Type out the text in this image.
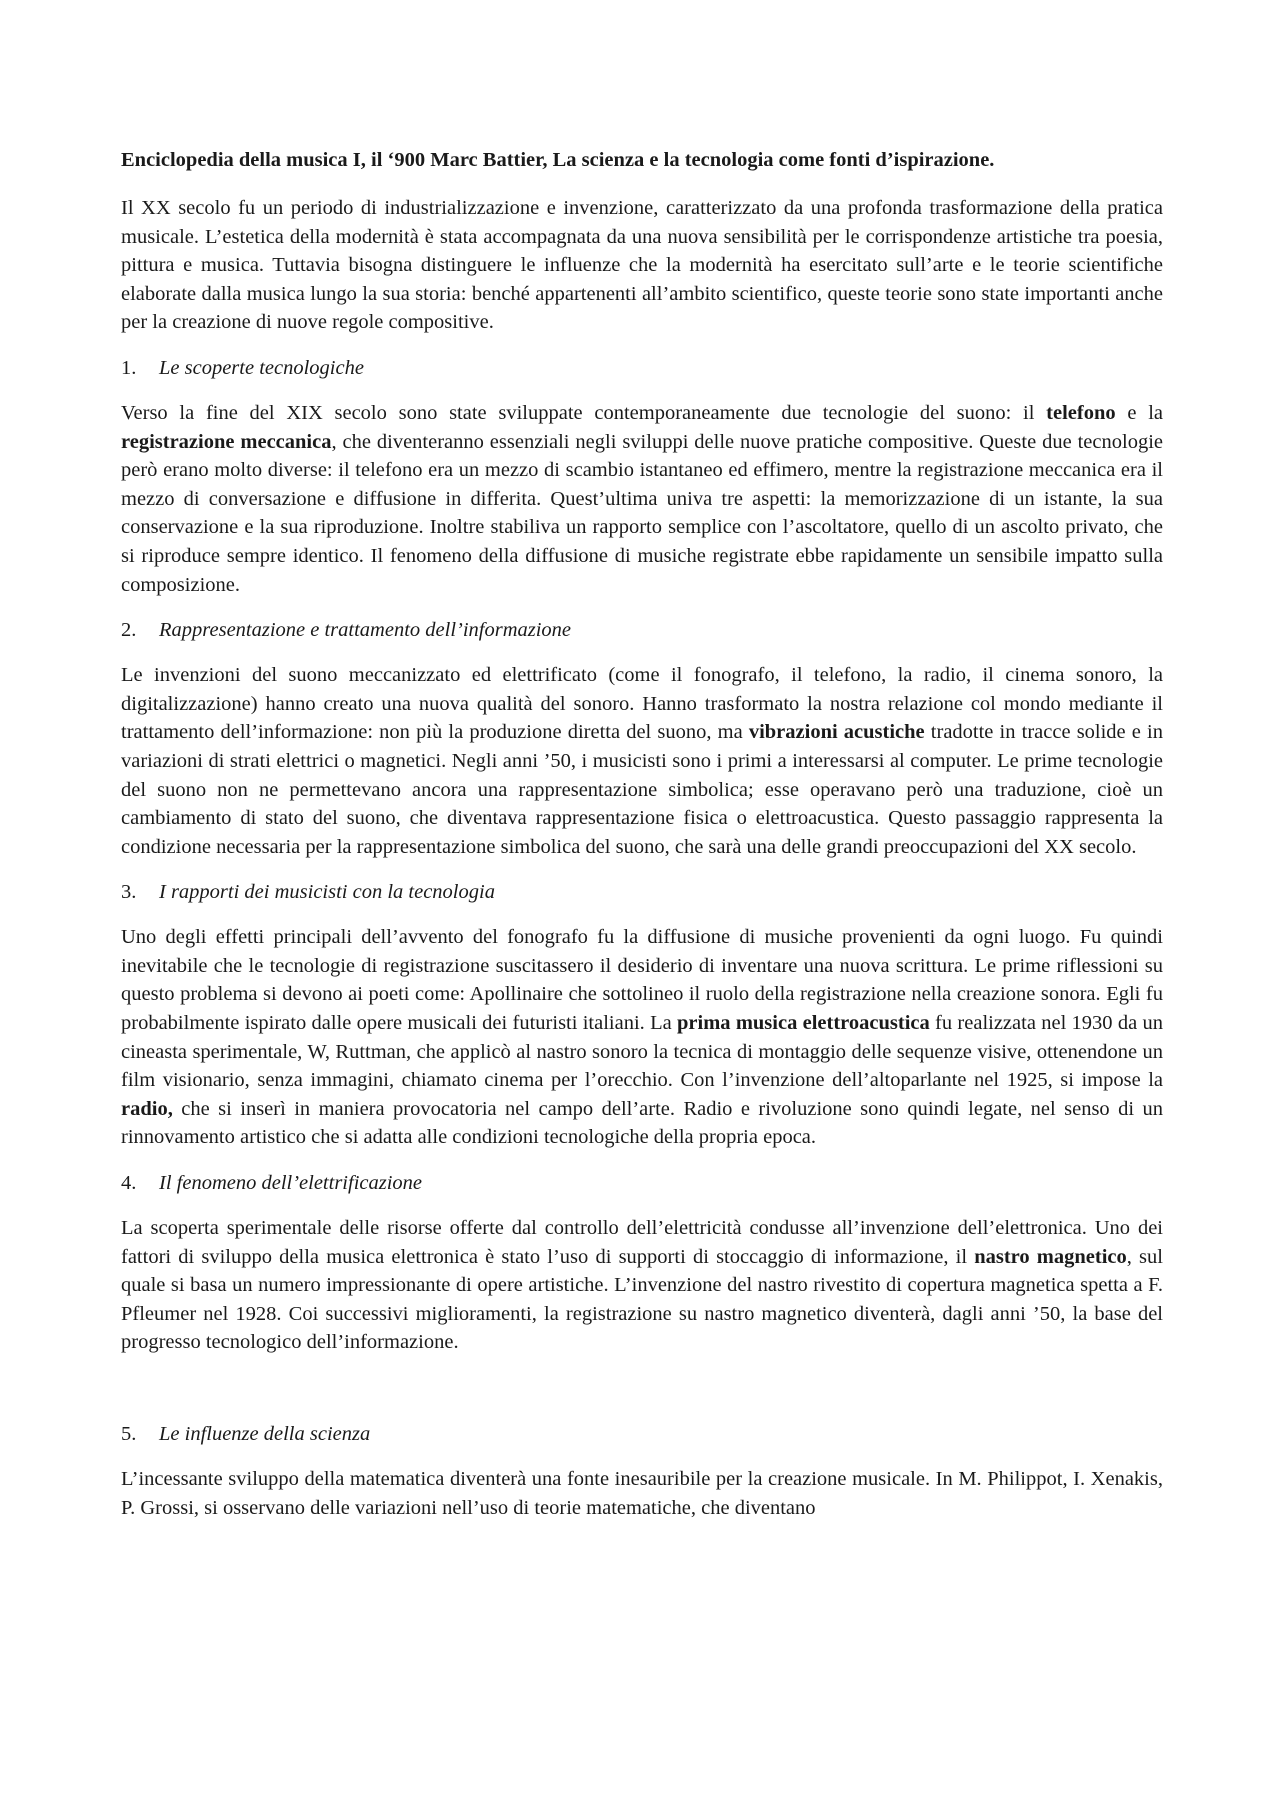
Enciclopedia della musica I, il ‘900 Marc Battier, La scienza e la tecnologia come fonti d’ispirazione.

Il XX secolo fu un periodo di industrializzazione e invenzione, caratterizzato da una profonda trasformazione della pratica musicale. L’estetica della modernità è stata accompagnata da una nuova sensibilità per le corrispondenze artistiche tra poesia, pittura e musica. Tuttavia bisogna distinguere le influenze che la modernità ha esercitato sull’arte e le teorie scientifiche elaborate dalla musica lungo la sua storia: benché appartenenti all’ambito scientifico, queste teorie sono state importanti anche per la creazione di nuove regole compositive.

1. Le scoperte tecnologiche

Verso la fine del XIX secolo sono state sviluppate contemporaneamente due tecnologie del suono: il telefono e la registrazione meccanica, che diventeranno essenziali negli sviluppi delle nuove pratiche compositive. Queste due tecnologie però erano molto diverse: il telefono era un mezzo di scambio istantaneo ed effimero, mentre la registrazione meccanica era il mezzo di conversazione e diffusione in differita. Quest’ultima univa tre aspetti: la memorizzazione di un istante, la sua conservazione e la sua riproduzione. Inoltre stabiliva un rapporto semplice con l’ascoltatore, quello di un ascolto privato, che si riproduce sempre identico. Il fenomeno della diffusione di musiche registrate ebbe rapidamente un sensibile impatto sulla composizione.

2. Rappresentazione e trattamento dell’informazione

Le invenzioni del suono meccanizzato ed elettrificato (come il fonografo, il telefono, la radio, il cinema sonoro, la digitalizzazione) hanno creato una nuova qualità del sonoro. Hanno trasformato la nostra relazione col mondo mediante il trattamento dell’informazione: non più la produzione diretta del suono, ma vibrazioni acustiche tradotte in tracce solide e in variazioni di strati elettrici o magnetici. Negli anni ’50, i musicisti sono i primi a interessarsi al computer. Le prime tecnologie del suono non ne permettevano ancora una rappresentazione simbolica; esse operavano però una traduzione, cioè un cambiamento di stato del suono, che diventava rappresentazione fisica o elettroacustica. Questo passaggio rappresenta la condizione necessaria per la rappresentazione simbolica del suono, che sarà una delle grandi preoccupazioni del XX secolo.

3. I rapporti dei musicisti con la tecnologia

Uno degli effetti principali dell’avvento del fonografo fu la diffusione di musiche provenienti da ogni luogo. Fu quindi inevitabile che le tecnologie di registrazione suscitassero il desiderio di inventare una nuova scrittura. Le prime riflessioni su questo problema si devono ai poeti come: Apollinaire che sottolineo il ruolo della registrazione nella creazione sonora. Egli fu probabilmente ispirato dalle opere musicali dei futuristi italiani. La prima musica elettroacustica fu realizzata nel 1930 da un cineasta sperimentale, W, Ruttman, che applicò al nastro sonoro la tecnica di montaggio delle sequenze visive, ottenendone un film visionario, senza immagini, chiamato cinema per l’orecchio. Con l’invenzione dell’altoparlante nel 1925, si impose la radio, che si inserì in maniera provocatoria nel campo dell’arte. Radio e rivoluzione sono quindi legate, nel senso di un rinnovamento artistico che si adatta alle condizioni tecnologiche della propria epoca.

4. Il fenomeno dell’elettrificazione

La scoperta sperimentale delle risorse offerte dal controllo dell’elettricità condusse all’invenzione dell’elettronica. Uno dei fattori di sviluppo della musica elettronica è stato l’uso di supporti di stoccaggio di informazione, il nastro magnetico, sul quale si basa un numero impressionante di opere artistiche. L’invenzione del nastro rivestito di copertura magnetica spetta a F. Pfleumer nel 1928. Coi successivi miglioramenti, la registrazione su nastro magnetico diventerà, dagli anni ’50, la base del progresso tecnologico dell’informazione.

5. Le influenze della scienza

L’incessante sviluppo della matematica diventerà una fonte inesauribile per la creazione musicale. In M. Philippot, I. Xenakis, P. Grossi, si osservano delle variazioni nell’uso di teorie matematiche, che diventano
